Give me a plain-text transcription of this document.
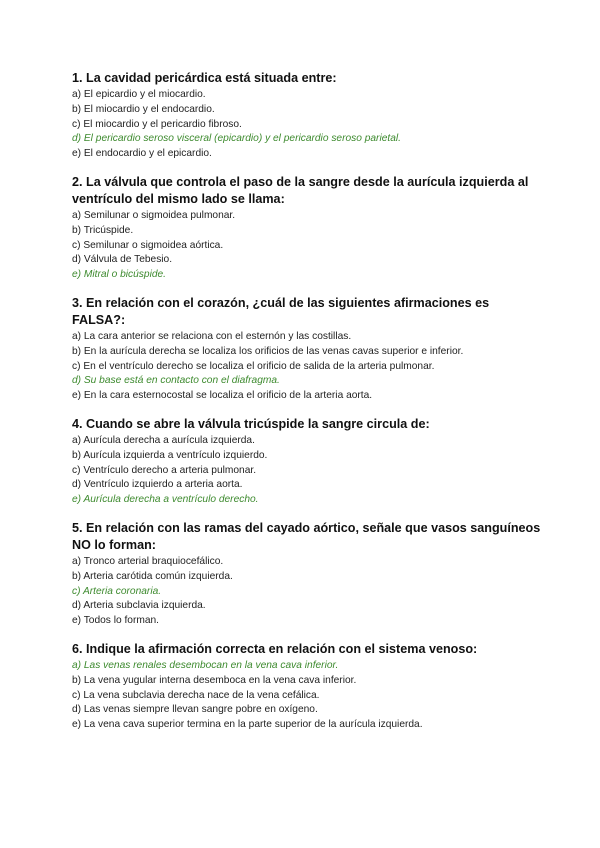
1. La cavidad pericárdica está situada entre:
a) El epicardio y el miocardio.
b) El miocardio y el endocardio.
c) El miocardio y el pericardio fibroso.
d) El pericardio seroso visceral (epicardio) y el pericardio seroso parietal.
e) El endocardio y el epicardio.
2. La válvula que controla el paso de la sangre desde la aurícula izquierda al ventrículo del mismo lado se llama:
a) Semilunar o sigmoidea pulmonar.
b) Tricúspide.
c) Semilunar o sigmoidea aórtica.
d) Válvula de Tebesio.
e) Mitral o bicúspide.
3. En relación con el corazón, ¿cuál de las siguientes afirmaciones es FALSA?:
a) La cara anterior se relaciona con el esternón y las costillas.
b) En la aurícula derecha se localiza los orificios de las venas cavas superior e inferior.
c) En el ventrículo derecho se localiza el orificio de salida de la arteria pulmonar.
d) Su base está en contacto con el diafragma.
e) En la cara esternocostal se localiza el orificio de la arteria aorta.
4. Cuando se abre la válvula tricúspide la sangre circula de:
a) Aurícula derecha a aurícula izquierda.
b) Aurícula izquierda a ventrículo izquierdo.
c) Ventrículo derecho a arteria pulmonar.
d) Ventrículo izquierdo a arteria aorta.
e) Aurícula derecha a ventrículo derecho.
5. En relación con las ramas del cayado aórtico, señale que vasos sanguíneos NO lo forman:
a) Tronco arterial braquiocefálico.
b) Arteria carótida común izquierda.
c) Arteria coronaria.
d) Arteria subclavia izquierda.
e) Todos lo forman.
6. Indique la afirmación correcta en relación con el sistema venoso:
a) Las venas renales desembocan en la vena cava inferior.
b) La vena yugular interna desemboca en la vena cava inferior.
c) La vena subclavia derecha nace de la vena cefálica.
d) Las venas siempre llevan sangre pobre en oxígeno.
e) La vena cava superior termina en la parte superior de la aurícula izquierda.
